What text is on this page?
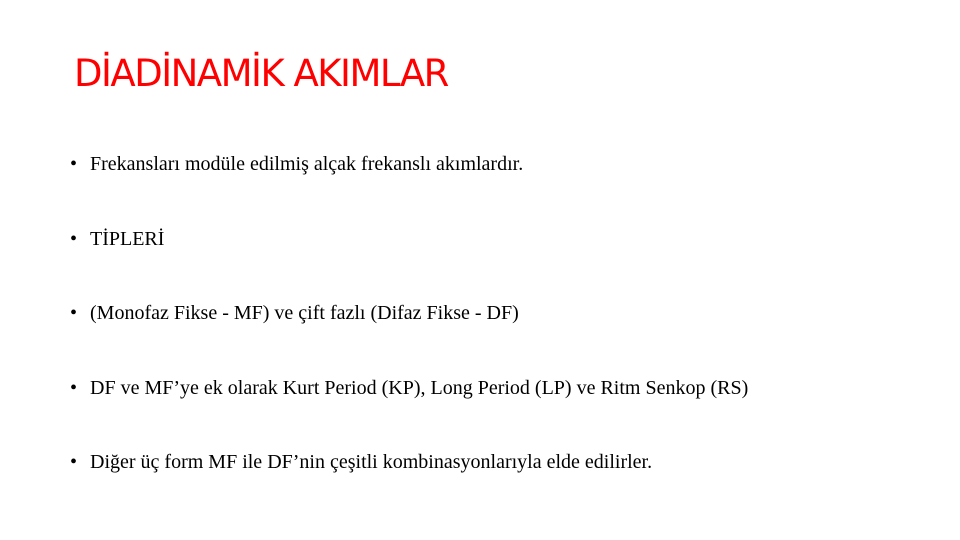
DİADİNAMİK AKIMLAR
• Frekansları modüle edilmiş alçak frekanslı akımlardır.
• TİPLERİ
• (Monofaz Fikse - MF) ve çift fazlı (Difaz Fikse - DF)
• DF ve MF’ye ek olarak Kurt Period (KP), Long Period (LP) ve Ritm Senkop (RS)
• Diğer üç form MF ile DF’nin çeşitli kombinasyonlarıyla elde edilirler.
